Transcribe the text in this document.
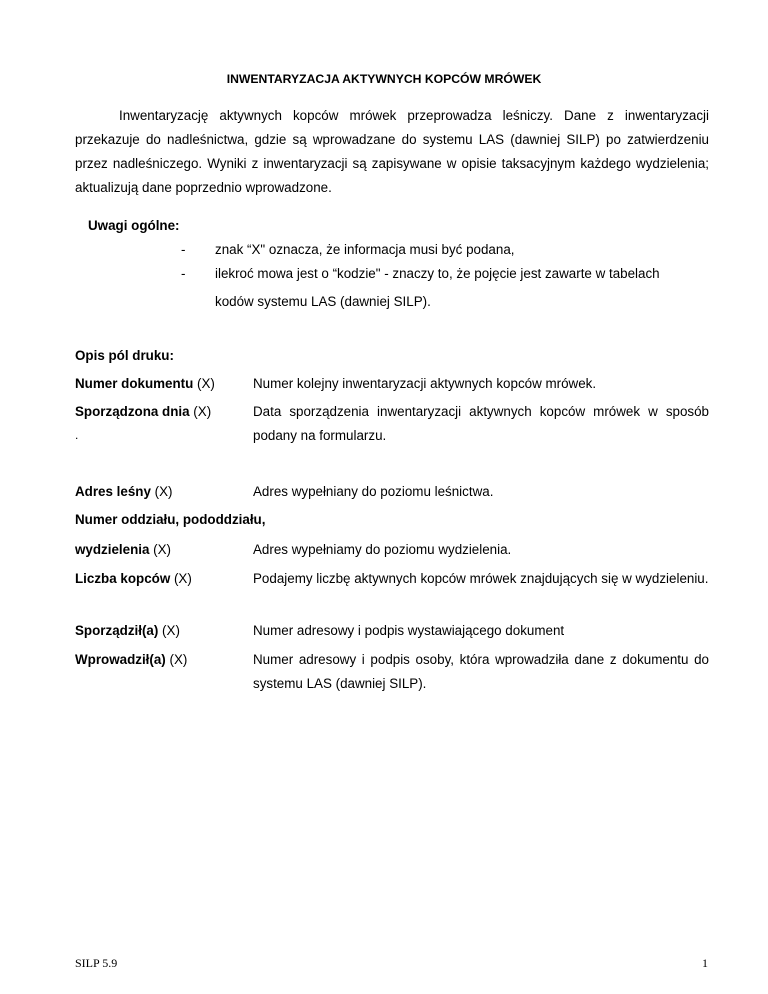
INWENTARYZACJA AKTYWNYCH KOPCÓW MRÓWEK

Inwentaryzację aktywnych kopców mrówek przeprowadza leśniczy. Dane z inwentaryzacji przekazuje do nadleśnictwa, gdzie są wprowadzane do systemu LAS (dawniej SILP) po zatwierdzeniu przez nadleśniczego. Wyniki z inwentaryzacji są zapisywane w opisie taksacyjnym każdego wydzielenia; aktualizują dane poprzednio wprowadzone.

Uwagi ogólne:
- znak “X" oznacza, że informacja musi być podana,
- ilekroć mowa jest o “kodzie" - znaczy to, że pojęcie jest zawarte w tabelach
kodów systemu LAS (dawniej SILP).
Opis pól druku:
Numer dokumentu (X)	Numer kolejny inwentaryzacji aktywnych kopców mrówek.
Sporządzona dnia (X)	Data sporządzenia inwentaryzacji aktywnych kopców mrówek w sposób podany na formularzu.
.
Adres leśny (X)	Adres wypełniany do poziomu leśnictwa.
Numer oddziału, pododdziału,
wydzielenia (X)	Adres wypełniamy do poziomu wydzielenia.
Liczba kopców (X)	Podajemy liczbę aktywnych kopców mrówek znajdujących się w wydzieleniu.
Sporządził(a) (X)	Numer adresowy i podpis wystawiającego dokument
Wprowadził(a) (X)	Numer adresowy i podpis osoby, która wprowadziła dane z dokumentu do systemu LAS (dawniej SILP).
SILP 5.9	1
